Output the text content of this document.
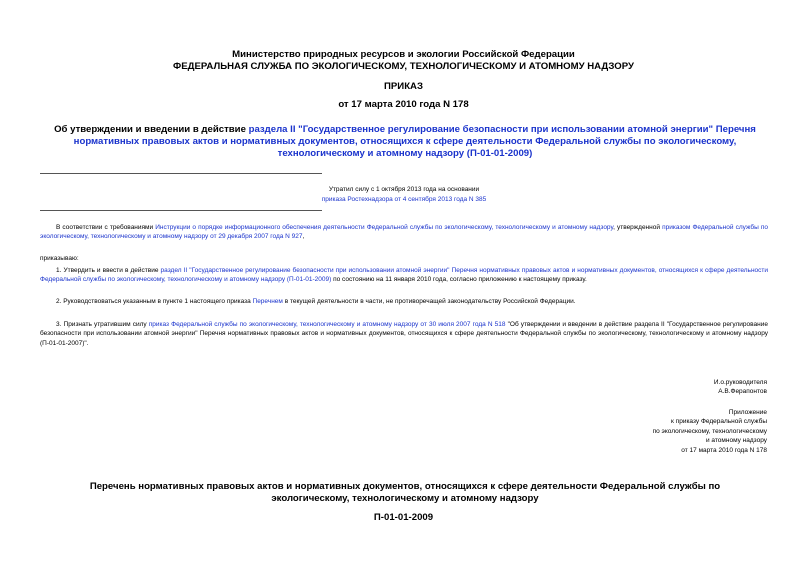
Министерство природных ресурсов и экологии Российской Федерации
ФЕДЕРАЛЬНАЯ СЛУЖБА ПО ЭКОЛОГИЧЕСКОМУ, ТЕХНОЛОГИЧЕСКОМУ И АТОМНОМУ НАДЗОРУ
ПРИКАЗ
от 17 марта 2010 года N 178
Об утверждении и введении в действие раздела II "Государственное регулирование безопасности при использовании атомной энергии" Перечня нормативных правовых актов и нормативных документов, относящихся к сфере деятельности Федеральной службы по экологическому, технологическому и атомному надзору (П-01-01-2009)
Утратил силу с 1 октября 2013 года на основании
приказа Ростехнадзора от 4 сентября 2013 года N 385
В соответствии с требованиями Инструкции о порядке информационного обеспечения деятельности Федеральной службы по экологическому, технологическому и атомному надзору, утвержденной приказом Федеральной службы по экологическому, технологическому и атомному надзору от 29 декабря 2007 года N 927,
приказываю:
1. Утвердить и ввести в действие раздел II "Государственное регулирование безопасности при использовании атомной энергии" Перечня нормативных правовых актов и нормативных документов, относящихся к сфере деятельности Федеральной службы по экологическому, технологическому и атомному надзору (П-01-01-2009) по состоянию на 11 января 2010 года, согласно приложению к настоящему приказу.
2. Руководствоваться указанным в пункте 1 настоящего приказа Перечнем в текущей деятельности в части, не противоречащей законодательству Российской Федерации.
3. Признать утратившим силу приказ Федеральной службы по экологическому, технологическому и атомному надзору от 30 июля 2007 года N 518 "Об утверждении и введении в действие раздела II "Государственное регулирование безопасности при использовании атомной энергии" Перечня нормативных правовых актов и нормативных документов, относящихся к сфере деятельности Федеральной службы по экологическому, технологическому и атомному надзору (П-01-01-2007)".
И.о.руководителя
А.В.Ферапонтов
Приложение
к приказу Федеральной службы
по экологическому, технологическому
и атомному надзору
от 17 марта 2010 года N 178
Перечень нормативных правовых актов и нормативных документов, относящихся к сфере деятельности Федеральной службы по экологическому, технологическому и атомному надзору
П-01-01-2009
